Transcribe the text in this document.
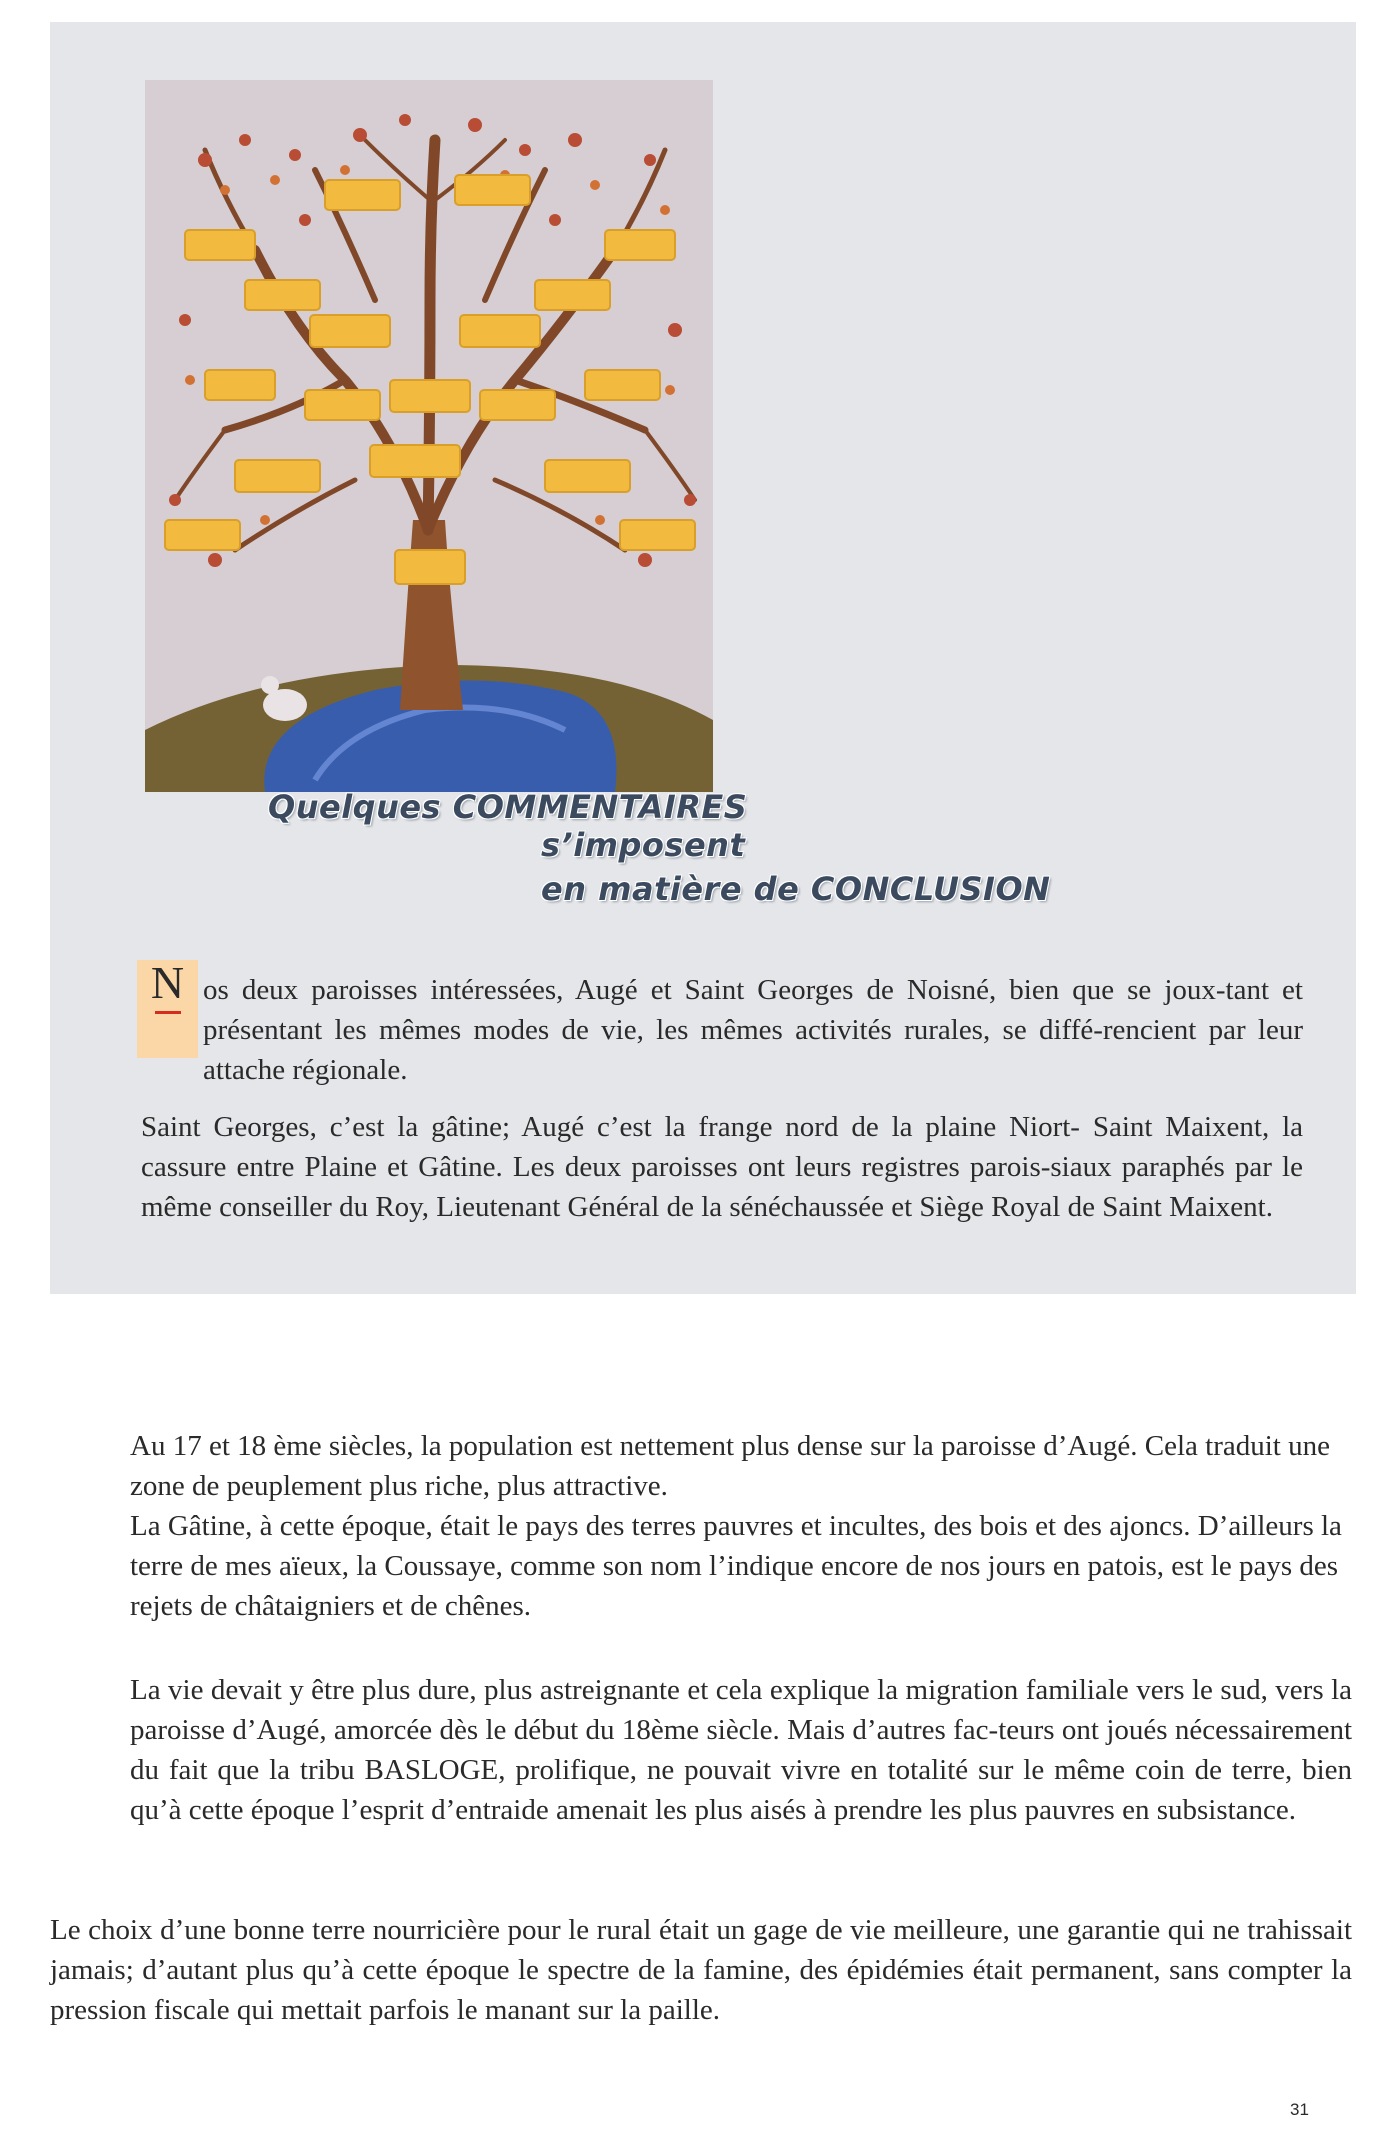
Quelques COMMENTAIRES
s’imposent
en matière de CONCLUSION
N os deux paroisses intéressées, Augé et Saint Georges de Noisné, bien que se joux-tant et présentant les mêmes modes de vie, les mêmes activités rurales, se diffé-rencient par leur attache régionale.

Saint Georges, c’est la gâtine; Augé c’est la frange nord de la plaine Niort- Saint Maixent, la cassure entre Plaine et Gâtine. Les deux paroisses ont leurs registres parois-siaux paraphés par le même conseiller du Roy, Lieutenant Général de la sénéchaussée et Siège Royal de Saint Maixent.

Au 17 et 18 ème siècles, la population est nettement plus dense sur la paroisse d’Augé. Cela traduit une zone de peuplement plus riche, plus attractive.
La Gâtine, à cette époque, était le pays des terres pauvres et incultes, des bois et des ajoncs. D’ailleurs la terre de mes aïeux, la Coussaye, comme son nom l’indique encore de nos jours en patois, est le pays des rejets de châtaigniers et de chênes.

La vie devait y être plus dure, plus astreignante et cela explique la migration familiale vers le sud, vers la paroisse d’Augé, amorcée dès le début du 18ème siècle. Mais d’autres fac-teurs ont joués nécessairement du fait que la tribu BASLOGE, prolifique, ne pouvait vivre en totalité sur le même coin de terre, bien qu’à cette époque l’esprit d’entraide amenait les plus aisés à prendre les plus pauvres en subsistance.

Le choix d’une bonne terre nourricière pour le rural était un gage de vie meilleure, une garantie qui ne trahissait jamais; d’autant plus qu’à cette époque le spectre de la famine, des épidémies était permanent, sans compter la pression fiscale qui mettait parfois le manant sur la paille.

31
